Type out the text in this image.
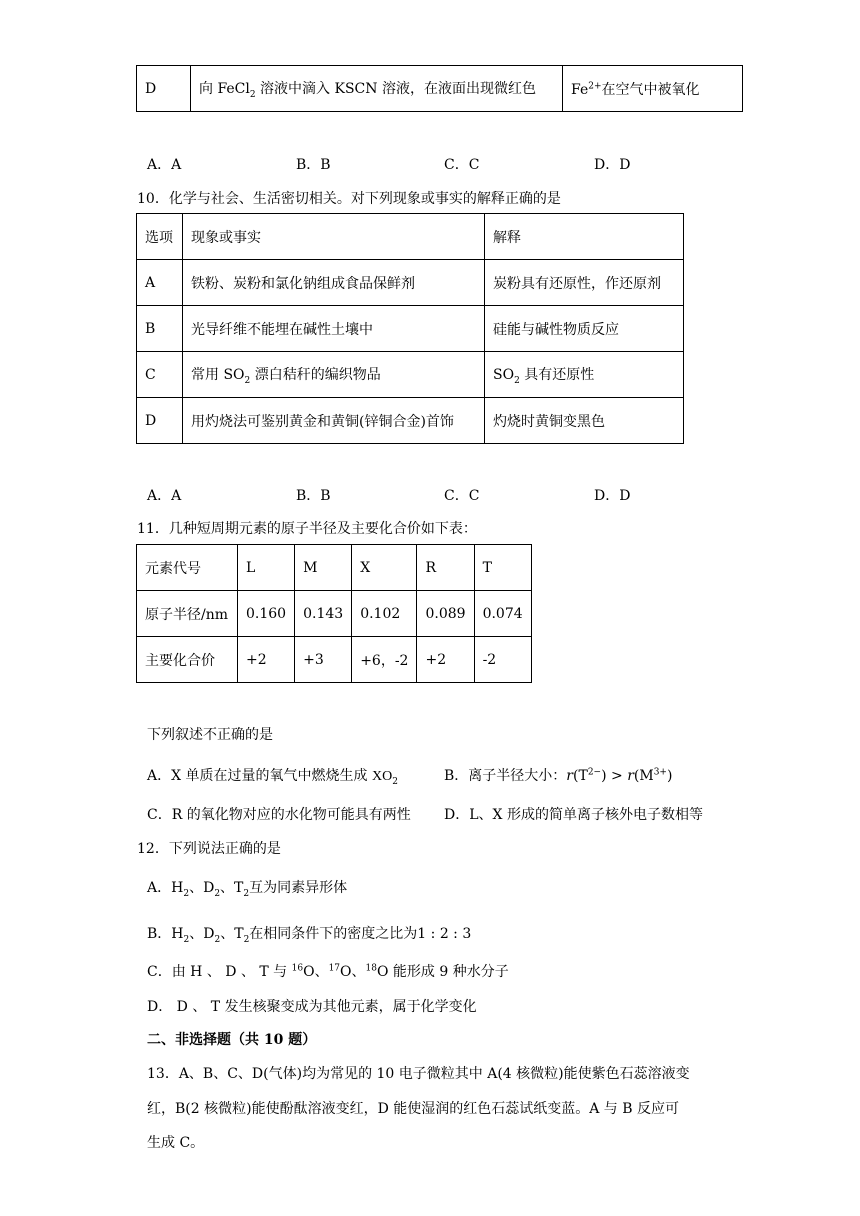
D	向 FeCl$_2$ 溶液中滴入 KSCN 溶液，在液面出现微红色	$Fe^{2+}$在空气中被氧化
A．A	B．B	C．C	D．D
10．化学与社会、生活密切相关。对下列现象或事实的解释正确的是
选项	现象或事实	解释
A	铁粉、炭粉和氯化钠组成食品保鲜剂	炭粉具有还原性，作还原剂
B	光导纤维不能埋在碱性土壤中	硅能与碱性物质反应
C	常用 $SO_2$ 漂白秸秆的编织物品	$SO_2$ 具有还原性
D	用灼烧法可鉴别黄金和黄铜(锌铜合金)首饰	灼烧时黄铜变黑色
A．A	B．B	C．C	D．D
11．几种短周期元素的原子半径及主要化合价如下表：
元素代号	L	M	X	R	T
原子半径/nm	0.160	0.143	0.102	0.089	0.074
主要化合价	+2	+3	+6，-2	+2	-2
下列叙述不正确的是
A．X 单质在过量的氧气中燃烧生成 $XO_2$	B．离子半径大小：$r(T^{2-}) > r(M^{3+})$
C．R 的氧化物对应的水化物可能具有两性 D．L、X 形成的简单离子核外电子数相等
12．下列说法正确的是
A．$H_2$、$D_2$、$T_2$互为同素异形体
B．$H_2$、$D_2$、$T_2$在相同条件下的密度之比为1 : 2 : 3
C．由 H 、 D 、 T 与 $^{16}$O、$^{17}$O、$^{18}$O 能形成 9 种水分子
D． D 、 T 发生核聚变成为其他元素，属于化学变化
二、非选择题（共 10 题）
13．A、B、C、D(气体)均为常见的 10 电子微粒其中 A(4 核微粒)能使紫色石蕊溶液变
红，B(2 核微粒)能使酚酞溶液变红，D 能使湿润的红色石蕊试纸变蓝。A 与 B 反应可
生成 C。
